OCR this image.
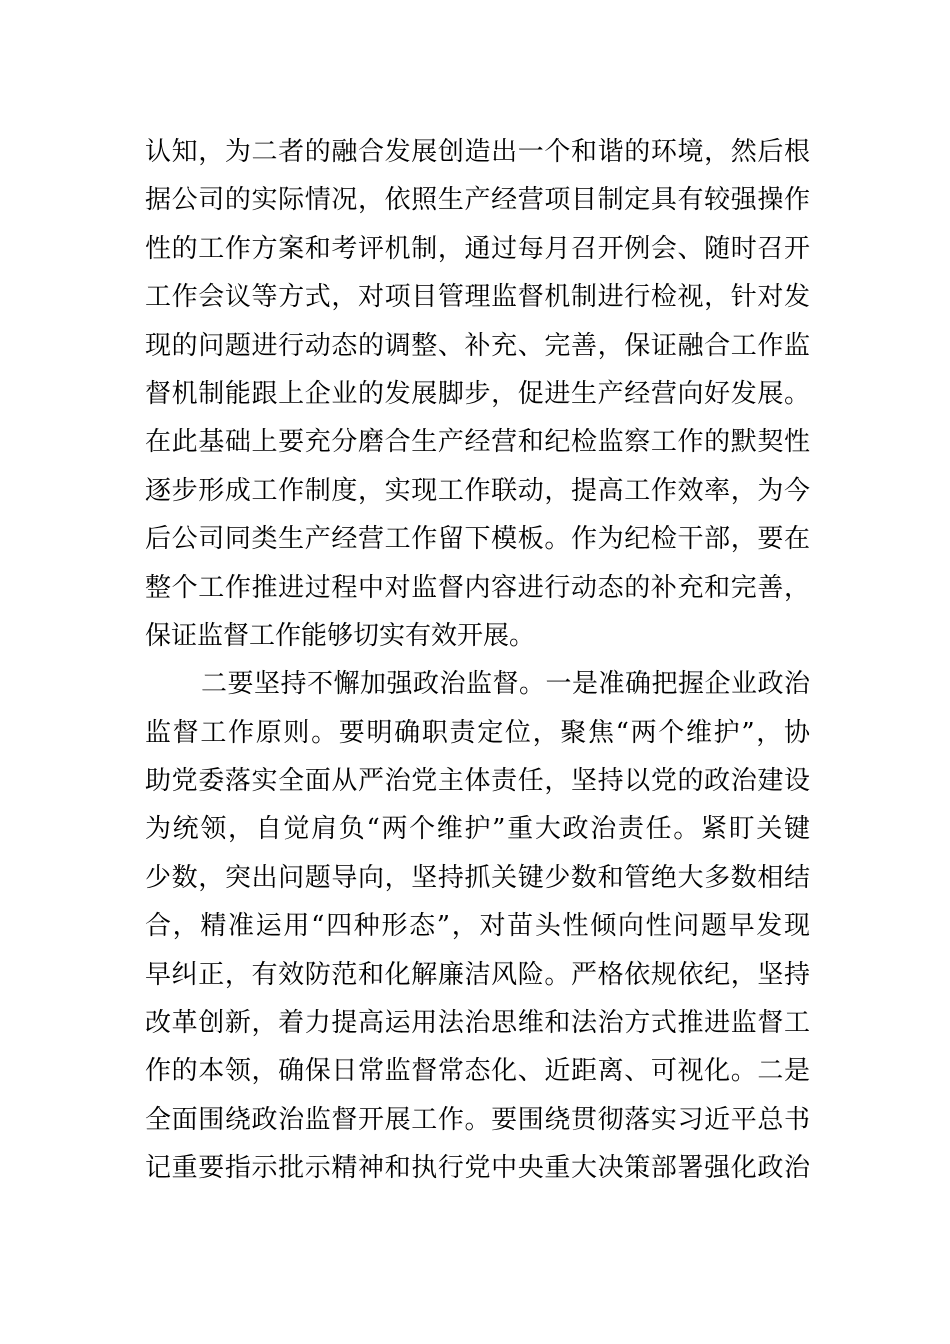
认知，为二者的融合发展创造出一个和谐的环境，然后根
据公司的实际情况，依照生产经营项目制定具有较强操作
性的工作方案和考评机制，通过每月召开例会、随时召开
工作会议等方式，对项目管理监督机制进行检视，针对发
现的问题进行动态的调整、补充、完善，保证融合工作监
督机制能跟上企业的发展脚步，促进生产经营向好发展。
在此基础上要充分磨合生产经营和纪检监察工作的默契性
逐步形成工作制度，实现工作联动，提高工作效率，为今
后公司同类生产经营工作留下模板。作为纪检干部，要在
整个工作推进过程中对监督内容进行动态的补充和完善，
保证监督工作能够切实有效开展。
二要坚持不懈加强政治监督。一是准确把握企业政治
监督工作原则。要明确职责定位，聚焦“两个维护”，协
助党委落实全面从严治党主体责任，坚持以党的政治建设
为统领，自觉肩负“两个维护”重大政治责任。紧盯关键
少数，突出问题导向，坚持抓关键少数和管绝大多数相结
合，精准运用“四种形态”，对苗头性倾向性问题早发现
早纠正，有效防范和化解廉洁风险。严格依规依纪，坚持
改革创新，着力提高运用法治思维和法治方式推进监督工
作的本领，确保日常监督常态化、近距离、可视化。二是
全面围绕政治监督开展工作。要围绕贯彻落实习近平总书
记重要指示批示精神和执行党中央重大决策部署强化政治
